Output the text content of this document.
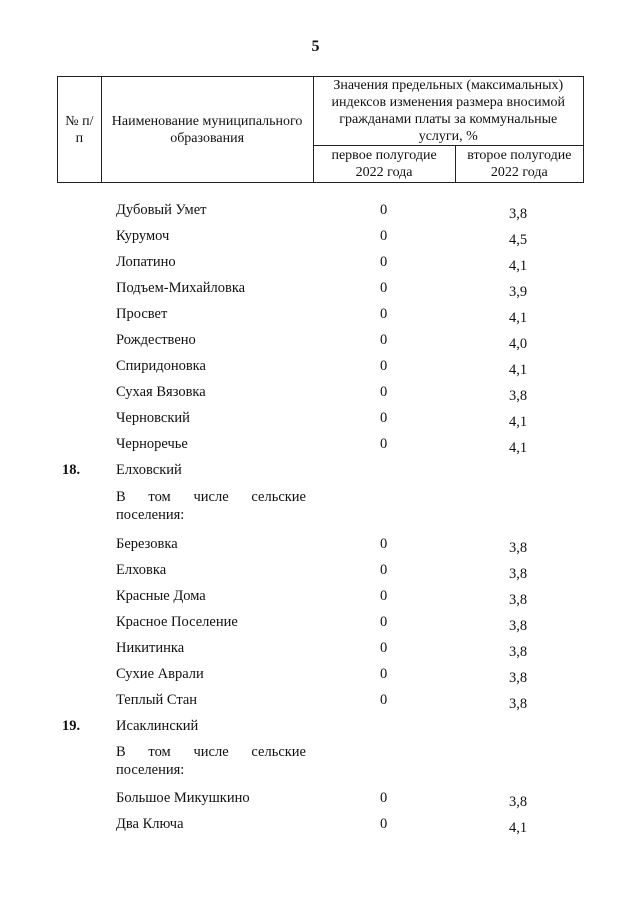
5
№ п/п	Наименование муниципального образования	Значения предельных (максимальных) индексов изменения размера вносимой гражданами платы за коммунальные услуги, %	
		первое полугодие 2022 года	второе полугодие 2022 года
Дубовый Умет	0	3,8
Курумоч	0	4,5
Лопатино	0	4,1
Подъем-Михайловка	0	3,9
Просвет	0	4,1
Рождествено	0	4,0
Спиридоновка	0	4,1
Сухая Вязовка	0	3,8
Черновский	0	4,1
Черноречье	0	4,1
18. Елховский
В том числе сельские
поселения:
Березовка	0	3,8
Елховка	0	3,8
Красные Дома	0	3,8
Красное Поселение	0	3,8
Никитинка	0	3,8
Сухие Аврали	0	3,8
Теплый Стан	0	3,8
19. Исаклинский
В том числе сельские
поселения:
Большое Микушкино	0	3,8
Два Ключа	0	4,1
